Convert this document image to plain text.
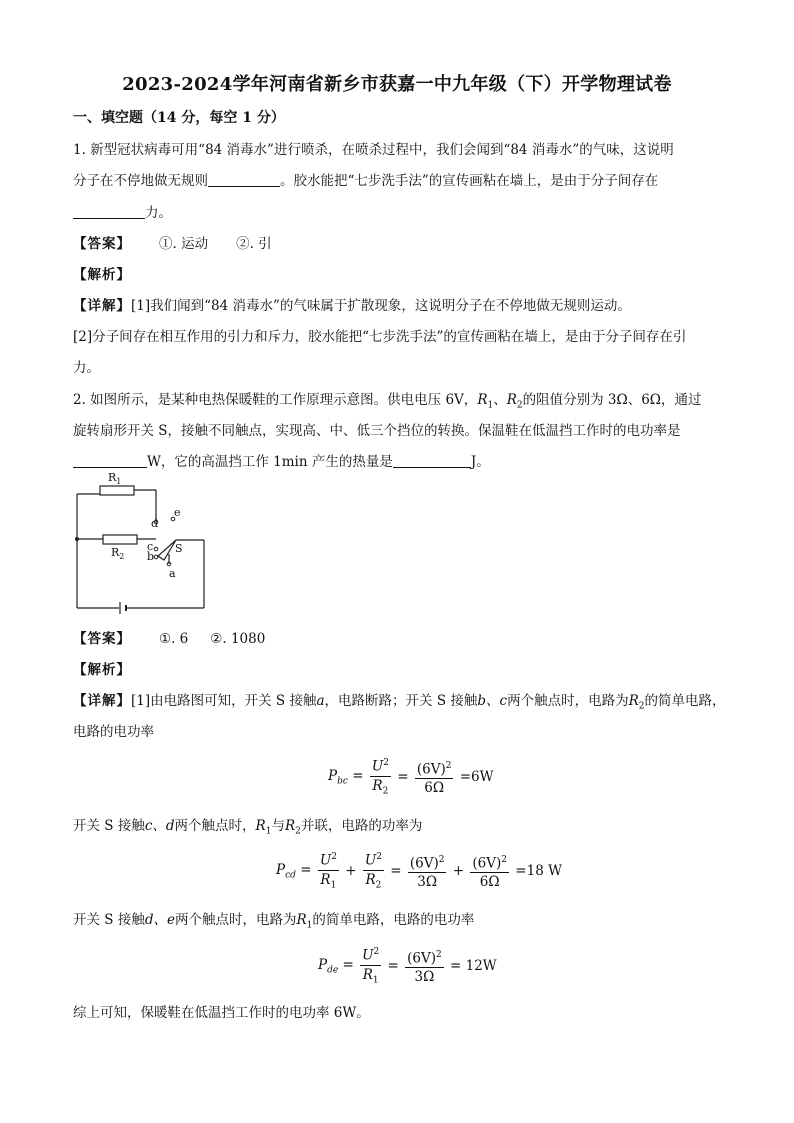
2023-2024学年河南省新乡市获嘉一中九年级（下）开学物理试卷
一、填空题（14 分，每空 1 分）
1. 新型冠状病毒可用“84 消毒水”进行喷杀，在喷杀过程中，我们会闻到“84 消毒水”的气味，这说明
分子在不停地做无规则	。胶水能把“七步洗手法”的宣传画粘在墙上，是由于分子间存在
力。
【答案】 ①. 运动 ②. 引
【解析】
【详解】[1]我们闻到“84 消毒水”的气味属于扩散现象，这说明分子在不停地做无规则运动。
[2]分子间存在相互作用的引力和斥力，胶水能把“七步洗手法”的宣传画粘在墙上，是由于分子间存在引
力。
2. 如图所示，是某种电热保暖鞋的工作原理示意图。供电电压 6V，$R_1$、$R_2$的阻值分别为 3Ω、6Ω，通过
旋转扇形开关 S，接触不同触点，实现高、中、低三个挡位的转换。保温鞋在低温挡工作时的电功率是
W，它的高温挡工作 1min 产生的热量是	J。
$R_1$
$R_2$
d
e
c
b
S
a
【答案】 ①. 6 ②. 1080
【解析】
【详解】[1]由电路图可知，开关 S 接触a，电路断路；开关 S 接触b、c两个触点时，电路为$R_2$的简单电路，
电路的电功率
$P_{bc} = \frac{U^2}{R_2} = \frac{(6V)^2}{6\Omega} =6W$
开关 S 接触c、d两个触点时，$R_1$与$R_2$并联，电路的功率为
$P_{cd} = \frac{U^2}{R_1} + \frac{U^2}{R_2} = \frac{(6V)^2}{3\Omega} + \frac{(6V)^2}{6\Omega} =18$ W
开关 S 接触d、e两个触点时，电路为$R_1$的简单电路，电路的电功率
$P_{de} = \frac{U^2}{R_1} = \frac{(6V)^2}{3\Omega} = 12W$
综上可知，保暖鞋在低温挡工作时的电功率 6W。
